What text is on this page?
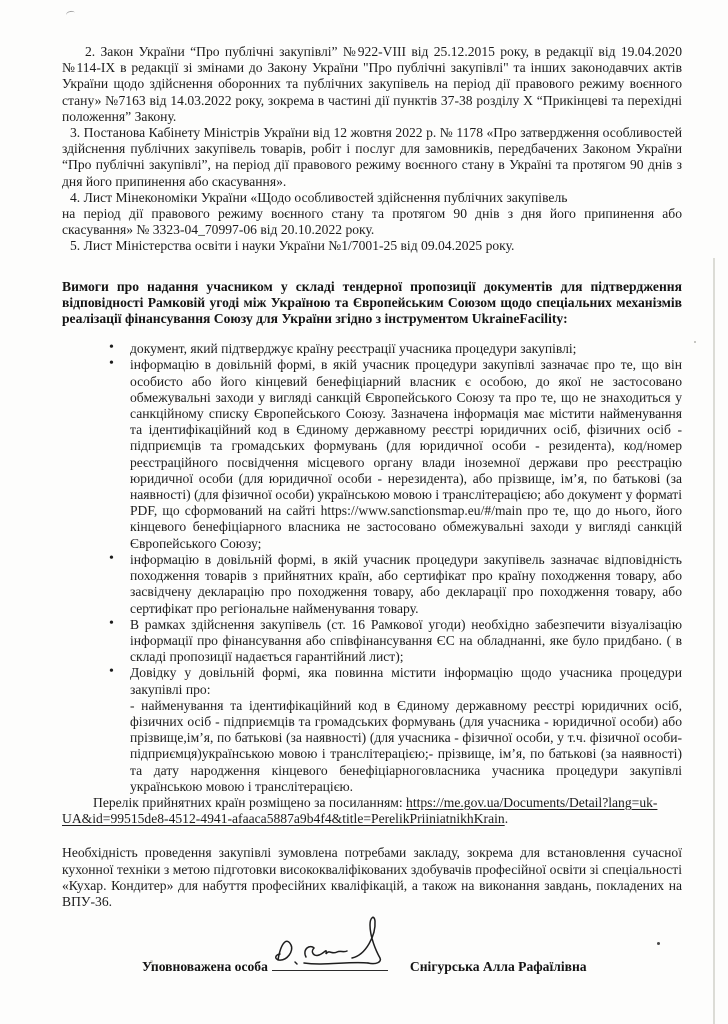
2. Закон України “Про публічні закупівлі” №922-VIII від 25.12.2015 року, в редакції від 19.04.2020 №114-ІХ в редакції зі змінами до Закону України "Про публічні закупівлі" та інших законодавчих актів України щодо здійснення оборонних та публічних закупівель на період дії правового режиму воєнного стану» №7163 від 14.03.2022 року, зокрема в частині дії пунктів 37-38 розділу X “Прикінцеві та перехідні положення” Закону.

3. Постанова Кабінету Міністрів України від 12 жовтня 2022 р. № 1178 «Про затвердження особливостей здійснення публічних закупівель товарів, робіт і послуг для замовників, передбачених Законом України “Про публічні закупівлі”, на період дії правового режиму воєнного стану в Україні та протягом 90 днів з дня його припинення або скасування».

4. Лист Мінекономіки України «Щодо особливостей здійснення публічних закупівель
на період дії правового режиму воєнного стану та протягом 90 днів з дня його припинення або скасування» № 3323-04_70997-06 від 20.10.2022 року.

5. Лист Міністерства освіти і науки України №1/7001-25 від 09.04.2025 року.

Вимоги про надання учасником у складі тендерної пропозиції документів для підтвердження відповідності Рамковій угоді між Україною та Європейським Союзом щодо спеціальних механізмів реалізації фінансування Союзу для України згідно з інструментом UkraineFacility:

• документ, який підтверджує країну реєстрації учасника процедури закупівлі;
• інформацію в довільній формі, в якій учасник процедури закупівлі зазначає про те, що він особисто або його кінцевий бенефіціарний власник є особою, до якої не застосовано обмежувальні заходи у вигляді санкцій Європейського Союзу та про те, що не знаходиться у санкційному списку Європейського Союзу. Зазначена інформація має містити найменування та ідентифікаційний код в Єдиному державному реєстрі юридичних осіб, фізичних осіб - підприємців та громадських формувань (для юридичної особи - резидента), код/номер реєстраційного посвідчення місцевого органу влади іноземної держави про реєстрацію юридичної особи (для юридичної особи - нерезидента), або прізвище, ім’я, по батькові (за наявності) (для фізичної особи) українською мовою і транслітерацією; або документ у форматі PDF, що сформований на сайті https://www.sanctionsmap.eu/#/main про те, що до нього, його кінцевого бенефіціарного власника не застосовано обмежувальні заходи у вигляді санкцій Європейського Союзу;
• інформацію в довільній формі, в якій учасник процедури закупівель зазначає відповідність походження товарів з прийнятних країн, або сертифікат про країну походження товару, або засвідчену декларацію про походження товару, або декларації про походження товару, або сертифікат про регіональне найменування товару.
• В рамках здійснення закупівель (ст. 16 Рамкової угоди) необхідно забезпечити візуалізацію інформації про фінансування або співфінансування ЄС на обладнанні, яке було придбано. ( в складі пропозиції надається гарантійний лист);
• Довідку у довільній формі, яка повинна містити інформацію щодо учасника процедури закупівлі про:
- найменування та ідентифікаційний код в Єдиному державному реєстрі юридичних осіб, фізичних осіб - підприємців та громадських формувань (для учасника - юридичної особи) або прізвище,ім’я, по батькові (за наявності) (для учасника - фізичної особи, у т.ч. фізичної особи-підприємця)українською мовою і транслітерацією;- прізвище, ім’я, по батькові (за наявності) та дату народження кінцевого бенефіціарноговласника учасника процедури закупівлі українською мовою і транслітерацією.

Перелік прийнятних країн розміщено за посиланням: https://me.gov.ua/Documents/Detail?lang=uk-
UA&id=99515de8-4512-4941-afaaca5887a9b4f4&title=PerelikPriiniatnikhKrain.

Необхідність проведення закупівлі зумовлена потребами закладу, зокрема для встановлення сучасної кухонної техніки з метою підготовки висококваліфікованих здобувачів професійної освіти зі спеціальності «Кухар. Кондитер» для набуття професійних кваліфікацій, а також на виконання завдань, покладених на ВПУ-36.

Уповноважена особа	Снігурська Алла Рафаїлівна
